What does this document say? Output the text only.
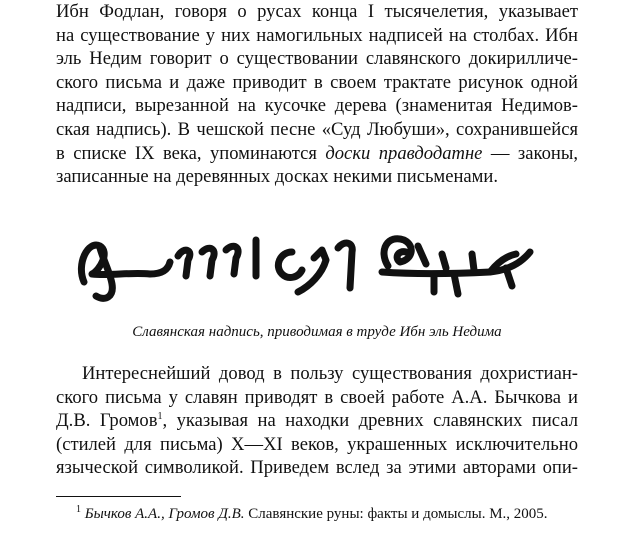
Ибн Фодлан, говоря о русах конца I тысячелетия, указывает
на существование у них намогильных надписей на столбах. Ибн
эль Недим говорит о существовании славянского докирилличе-
ского письма и даже приводит в своем трактате рисунок одной
надписи, вырезанной на кусочке дерева (знаменитая Недимов-
ская надпись). В чешской песне «Суд Любуши», сохранившейся
в списке IX века, упоминаются доски правдодатне — законы,
записанные на деревянных досках некими письменами.
Славянская надпись, приводимая в труде Ибн эль Недима
Интереснейший довод в пользу существования дохристиан-
ского письма у славян приводят в своей работе А.А. Бычкова и
Д.В. Громов$^1$, указывая на находки древних славянских писал
(стилей для письма) X—XI веков, украшенных исключительно
языческой символикой. Приведем вслед за этими авторами опи-
$^1$ Бычков А.А., Громов Д.В. Славянские руны: факты и домыслы. М., 2005.
